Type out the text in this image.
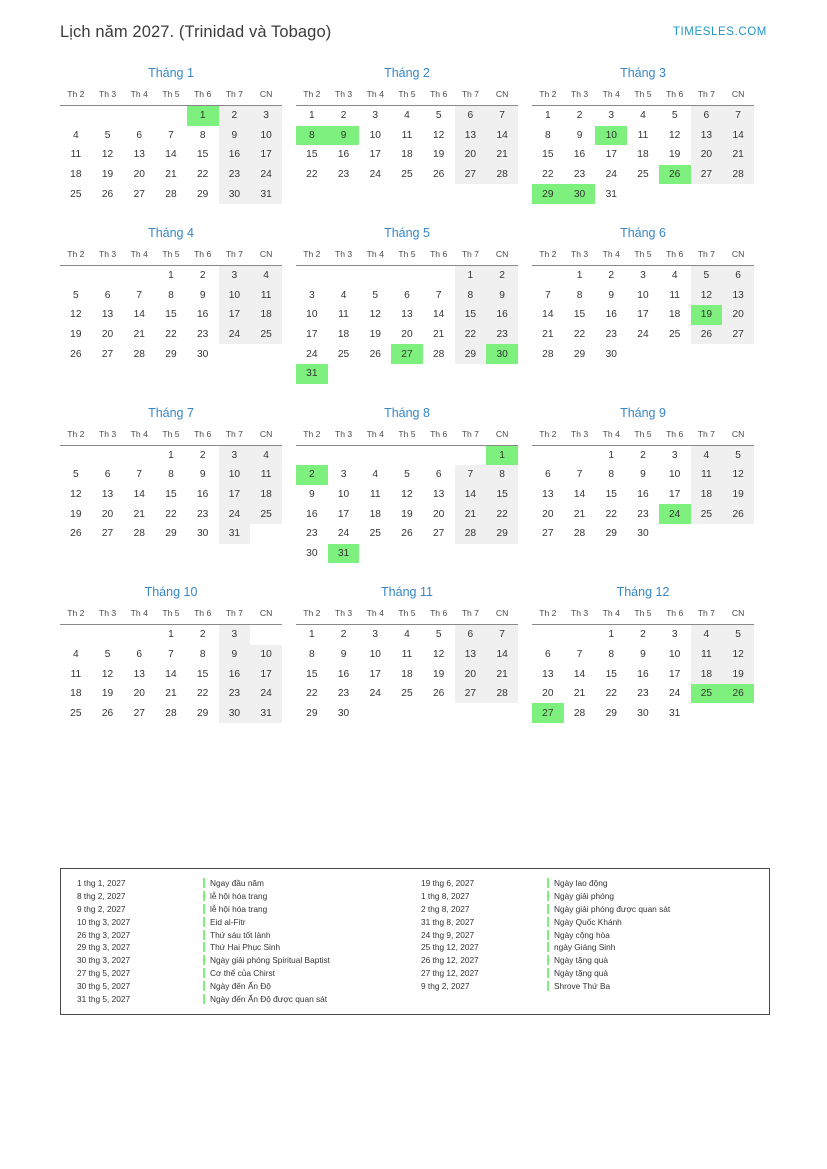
Lịch năm 2027. (Trinidad và Tobago)	TIMESLES.COM
Tháng 1
Th 2	Th 3	Th 4	Th 5	Th 6	Th 7	CN
				1	2	3
4	5	6	7	8	9	10
11	12	13	14	15	16	17
18	19	20	21	22	23	24
25	26	27	28	29	30	31
Tháng 2
Th 2	Th 3	Th 4	Th 5	Th 6	Th 7	CN
1	2	3	4	5	6	7
8	9	10	11	12	13	14
15	16	17	18	19	20	21
22	23	24	25	26	27	28
Tháng 3
Th 2	Th 3	Th 4	Th 5	Th 6	Th 7	CN
1	2	3	4	5	6	7
8	9	10	11	12	13	14
15	16	17	18	19	20	21
22	23	24	25	26	27	28
29	30	31				
Tháng 4
Th 2	Th 3	Th 4	Th 5	Th 6	Th 7	CN
			1	2	3	4
5	6	7	8	9	10	11
12	13	14	15	16	17	18
19	20	21	22	23	24	25
26	27	28	29	30		
Tháng 5
Th 2	Th 3	Th 4	Th 5	Th 6	Th 7	CN
					1	2
3	4	5	6	7	8	9
10	11	12	13	14	15	16
17	18	19	20	21	22	23
24	25	26	27	28	29	30
31						
Tháng 6
Th 2	Th 3	Th 4	Th 5	Th 6	Th 7	CN
	1	2	3	4	5	6
7	8	9	10	11	12	13
14	15	16	17	18	19	20
21	22	23	24	25	26	27
28	29	30				
Tháng 7
Th 2	Th 3	Th 4	Th 5	Th 6	Th 7	CN
			1	2	3	4
5	6	7	8	9	10	11
12	13	14	15	16	17	18
19	20	21	22	23	24	25
26	27	28	29	30	31	
Tháng 8
Th 2	Th 3	Th 4	Th 5	Th 6	Th 7	CN
						1
2	3	4	5	6	7	8
9	10	11	12	13	14	15
16	17	18	19	20	21	22
23	24	25	26	27	28	29
30	31					
Tháng 9
Th 2	Th 3	Th 4	Th 5	Th 6	Th 7	CN
		1	2	3	4	5
6	7	8	9	10	11	12
13	14	15	16	17	18	19
20	21	22	23	24	25	26
27	28	29	30			
Tháng 10
Th 2	Th 3	Th 4	Th 5	Th 6	Th 7	CN
			1	2	3	
4	5	6	7	8	9	10
11	12	13	14	15	16	17
18	19	20	21	22	23	24
25	26	27	28	29	30	31
Tháng 11
Th 2	Th 3	Th 4	Th 5	Th 6	Th 7	CN
1	2	3	4	5	6	7
8	9	10	11	12	13	14
15	16	17	18	19	20	21
22	23	24	25	26	27	28
29	30					
Tháng 12
Th 2	Th 3	Th 4	Th 5	Th 6	Th 7	CN
		1	2	3	4	5
6	7	8	9	10	11	12
13	14	15	16	17	18	19
20	21	22	23	24	25	26
27	28	29	30	31		
1 thg 1, 2027	Ngay đầu năm
8 thg 2, 2027	lễ hội hóa trang
9 thg 2, 2027	lễ hội hóa trang
10 thg 3, 2027	Eid al-Fitr
26 thg 3, 2027	Thứ sáu tốt lành
29 thg 3, 2027	Thứ Hai Phục Sinh
30 thg 3, 2027	Ngày giải phóng Spiritual Baptist
27 thg 5, 2027	Cơ thể của Chirst
30 thg 5, 2027	Ngày đến Ấn Độ
31 thg 5, 2027	Ngày đến Ấn Độ được quan sát
19 thg 6, 2027	Ngày lao động
1 thg 8, 2027	Ngày giải phóng
2 thg 8, 2027	Ngày giải phóng được quan sát
31 thg 8, 2027	Ngày Quốc Khánh
24 thg 9, 2027	Ngày cộng hòa
25 thg 12, 2027	ngày Giáng Sinh
26 thg 12, 2027	Ngày tặng quà
27 thg 12, 2027	Ngày tặng quà
9 thg 2, 2027	Shrove Thứ Ba
